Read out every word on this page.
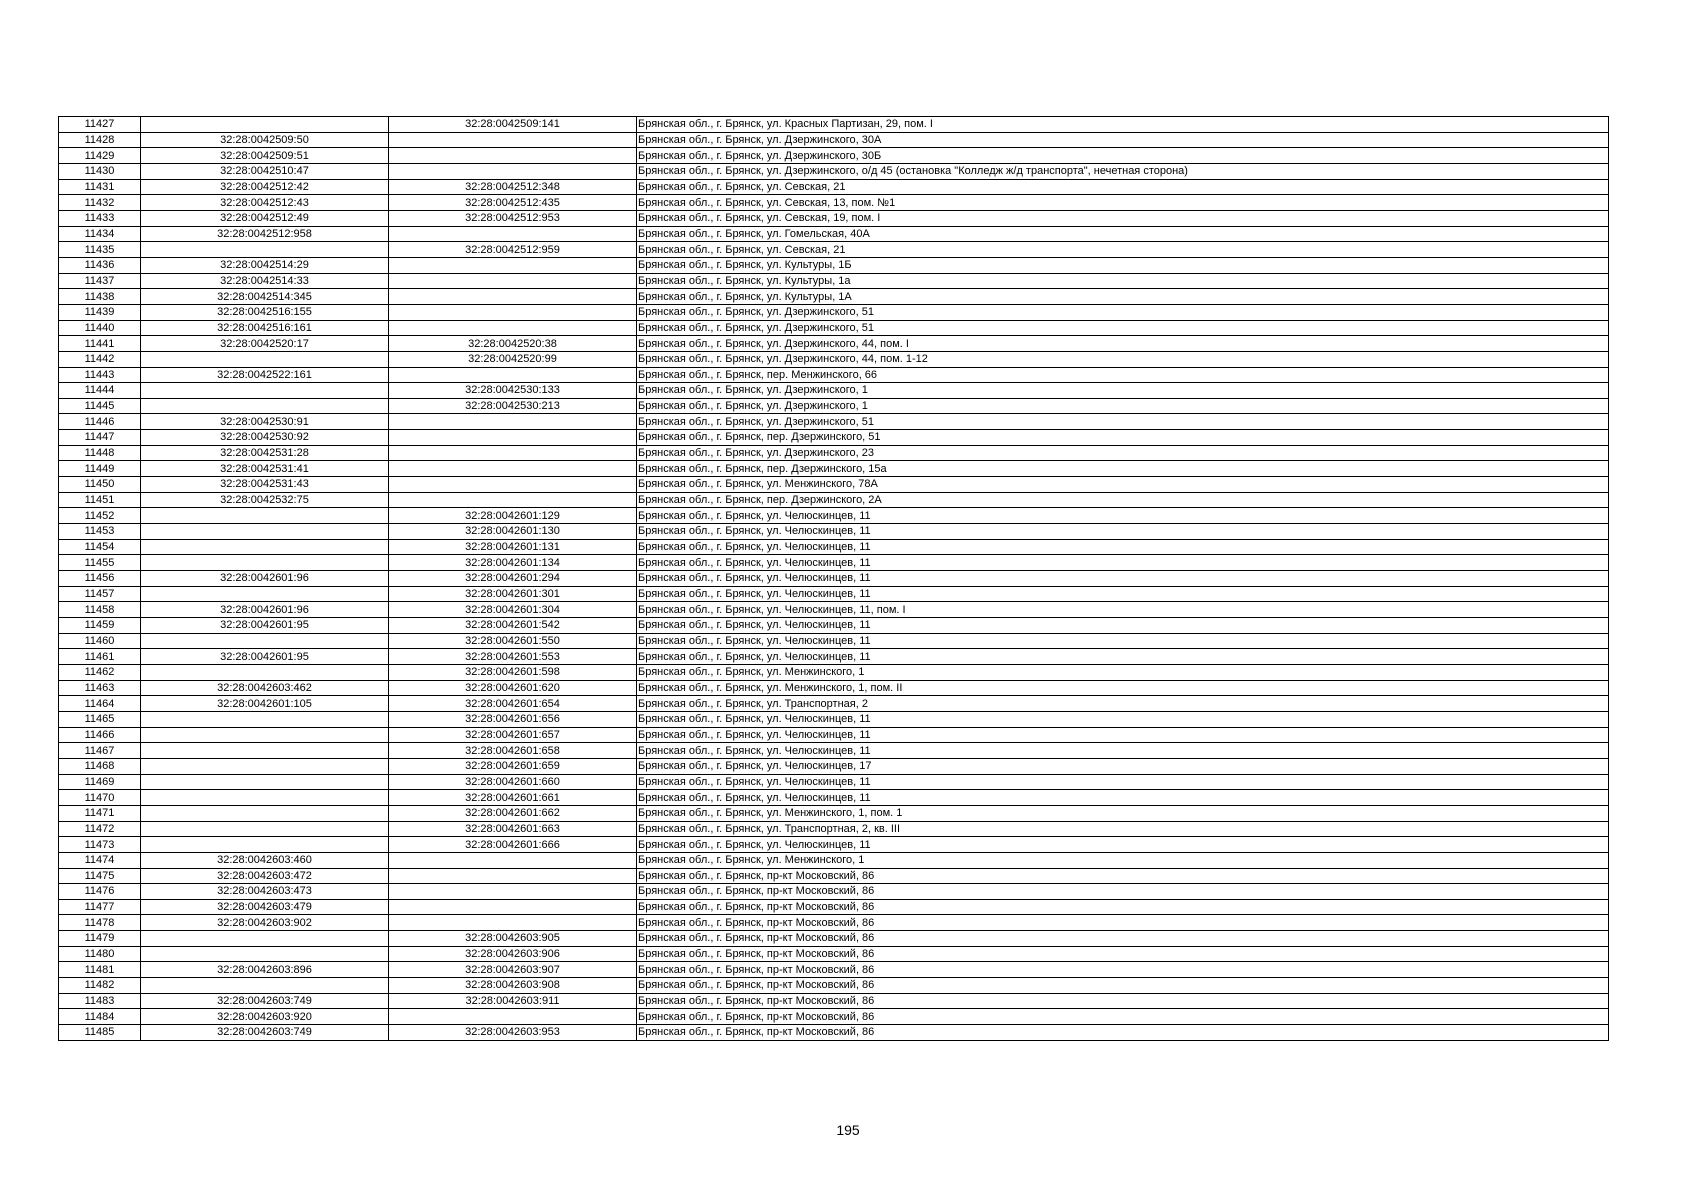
11427		32:28:0042509:141	Брянская обл., г. Брянск, ул. Красных Партизан, 29, пом. I
11428	32:28:0042509:50		Брянская обл., г. Брянск, ул. Дзержинского, 30А
11429	32:28:0042509:51		Брянская обл., г. Брянск, ул. Дзержинского, 30Б
11430	32:28:0042510:47		Брянская обл., г. Брянск, ул. Дзержинского, о/д 45 (остановка "Колледж ж/д транспорта", нечетная сторона)
11431	32:28:0042512:42	32:28:0042512:348	Брянская обл., г. Брянск, ул. Севская, 21
11432	32:28:0042512:43	32:28:0042512:435	Брянская обл., г. Брянск, ул. Севская, 13, пом. №1
11433	32:28:0042512:49	32:28:0042512:953	Брянская обл., г. Брянск, ул. Севская, 19, пом. I
11434	32:28:0042512:958		Брянская обл., г. Брянск, ул. Гомельская, 40А
11435		32:28:0042512:959	Брянская обл., г. Брянск, ул. Севская, 21
11436	32:28:0042514:29		Брянская обл., г. Брянск, ул. Культуры, 1Б
11437	32:28:0042514:33		Брянская обл., г. Брянск, ул. Культуры, 1а
11438	32:28:0042514:345		Брянская обл., г. Брянск, ул. Культуры, 1А
11439	32:28:0042516:155		Брянская обл., г. Брянск, ул. Дзержинского, 51
11440	32:28:0042516:161		Брянская обл., г. Брянск, ул. Дзержинского, 51
11441	32:28:0042520:17	32:28:0042520:38	Брянская обл., г. Брянск, ул. Дзержинского, 44, пом. I
11442		32:28:0042520:99	Брянская обл., г. Брянск, ул. Дзержинского, 44, пом. 1-12
11443	32:28:0042522:161		Брянская обл., г. Брянск, пер. Менжинского, 66
11444		32:28:0042530:133	Брянская обл., г. Брянск, ул. Дзержинского, 1
11445		32:28:0042530:213	Брянская обл., г. Брянск, ул. Дзержинского, 1
11446	32:28:0042530:91		Брянская обл., г. Брянск, ул. Дзержинского, 51
11447	32:28:0042530:92		Брянская обл., г. Брянск, пер. Дзержинского, 51
11448	32:28:0042531:28		Брянская обл., г. Брянск, ул. Дзержинского, 23
11449	32:28:0042531:41		Брянская обл., г. Брянск, пер. Дзержинского, 15а
11450	32:28:0042531:43		Брянская обл., г. Брянск, ул. Менжинского, 78А
11451	32:28:0042532:75		Брянская обл., г. Брянск, пер. Дзержинского, 2А
11452		32:28:0042601:129	Брянская обл., г. Брянск, ул. Челюскинцев, 11
11453		32:28:0042601:130	Брянская обл., г. Брянск, ул. Челюскинцев, 11
11454		32:28:0042601:131	Брянская обл., г. Брянск, ул. Челюскинцев, 11
11455		32:28:0042601:134	Брянская обл., г. Брянск, ул. Челюскинцев, 11
11456	32:28:0042601:96	32:28:0042601:294	Брянская обл., г. Брянск, ул. Челюскинцев, 11
11457		32:28:0042601:301	Брянская обл., г. Брянск, ул. Челюскинцев, 11
11458	32:28:0042601:96	32:28:0042601:304	Брянская обл., г. Брянск, ул. Челюскинцев, 11, пом. I
11459	32:28:0042601:95	32:28:0042601:542	Брянская обл., г. Брянск, ул. Челюскинцев, 11
11460		32:28:0042601:550	Брянская обл., г. Брянск, ул. Челюскинцев, 11
11461	32:28:0042601:95	32:28:0042601:553	Брянская обл., г. Брянск, ул. Челюскинцев, 11
11462		32:28:0042601:598	Брянская обл., г. Брянск, ул. Менжинского, 1
11463	32:28:0042603:462	32:28:0042601:620	Брянская обл., г. Брянск, ул. Менжинского, 1, пом. II
11464	32:28:0042601:105	32:28:0042601:654	Брянская обл., г. Брянск, ул. Транспортная, 2
11465		32:28:0042601:656	Брянская обл., г. Брянск, ул. Челюскинцев, 11
11466		32:28:0042601:657	Брянская обл., г. Брянск, ул. Челюскинцев, 11
11467		32:28:0042601:658	Брянская обл., г. Брянск, ул. Челюскинцев, 11
11468		32:28:0042601:659	Брянская обл., г. Брянск, ул. Челюскинцев, 17
11469		32:28:0042601:660	Брянская обл., г. Брянск, ул. Челюскинцев, 11
11470		32:28:0042601:661	Брянская обл., г. Брянск, ул. Челюскинцев, 11
11471		32:28:0042601:662	Брянская обл., г. Брянск, ул. Менжинского, 1, пом. 1
11472		32:28:0042601:663	Брянская обл., г. Брянск, ул. Транспортная, 2, кв. III
11473		32:28:0042601:666	Брянская обл., г. Брянск, ул. Челюскинцев, 11
11474	32:28:0042603:460		Брянская обл., г. Брянск, ул. Менжинского, 1
11475	32:28:0042603:472		Брянская обл., г. Брянск, пр-кт Московский, 86
11476	32:28:0042603:473		Брянская обл., г. Брянск, пр-кт Московский, 86
11477	32:28:0042603:479		Брянская обл., г. Брянск, пр-кт Московский, 86
11478	32:28:0042603:902		Брянская обл., г. Брянск, пр-кт Московский, 86
11479		32:28:0042603:905	Брянская обл., г. Брянск, пр-кт Московский, 86
11480		32:28:0042603:906	Брянская обл., г. Брянск, пр-кт Московский, 86
11481	32:28:0042603:896	32:28:0042603:907	Брянская обл., г. Брянск, пр-кт Московский, 86
11482		32:28:0042603:908	Брянская обл., г. Брянск, пр-кт Московский, 86
11483	32:28:0042603:749	32:28:0042603:911	Брянская обл., г. Брянск, пр-кт Московский, 86
11484	32:28:0042603:920		Брянская обл., г. Брянск, пр-кт Московский, 86
11485	32:28:0042603:749	32:28:0042603:953	Брянская обл., г. Брянск, пр-кт Московский, 86
195
